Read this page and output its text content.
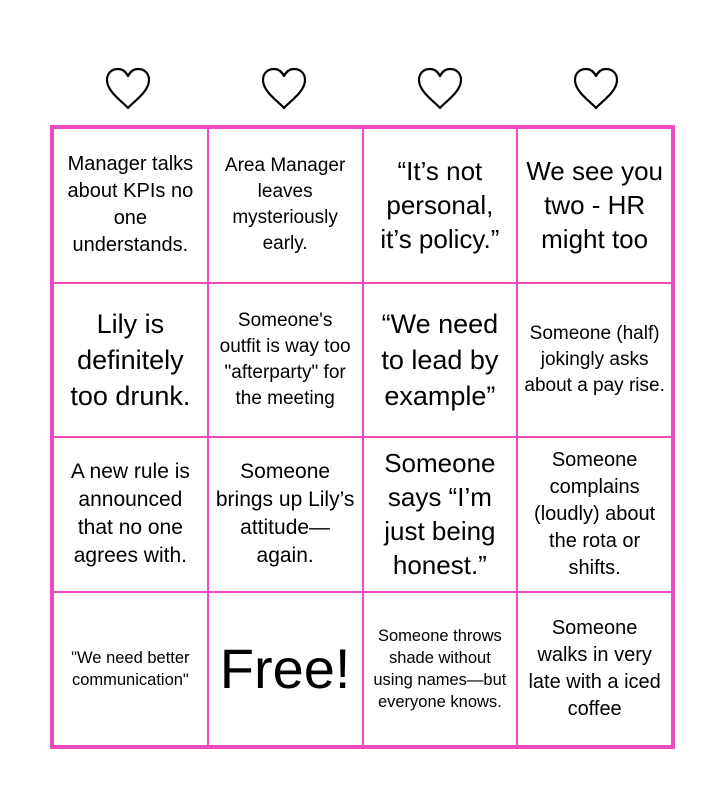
Manager talks about KPIs no one understands.
Area Manager leaves mysteriously early.
“It’s not personal, it’s policy.”
We see you two - HR might too
Lily is definitely too drunk.
Someone's outfit is way too "afterparty" for the meeting
“We need to lead by example”
Someone (half) jokingly asks about a pay rise.
A new rule is announced that no one agrees with.
Someone brings up Lily’s attitude—again.
Someone says “I’m just being honest.”
Someone complains (loudly) about the rota or shifts.
"We need better communication" Free!
Someone throws shade without using names—but everyone knows.
Someone walks in very late with a iced coffee
